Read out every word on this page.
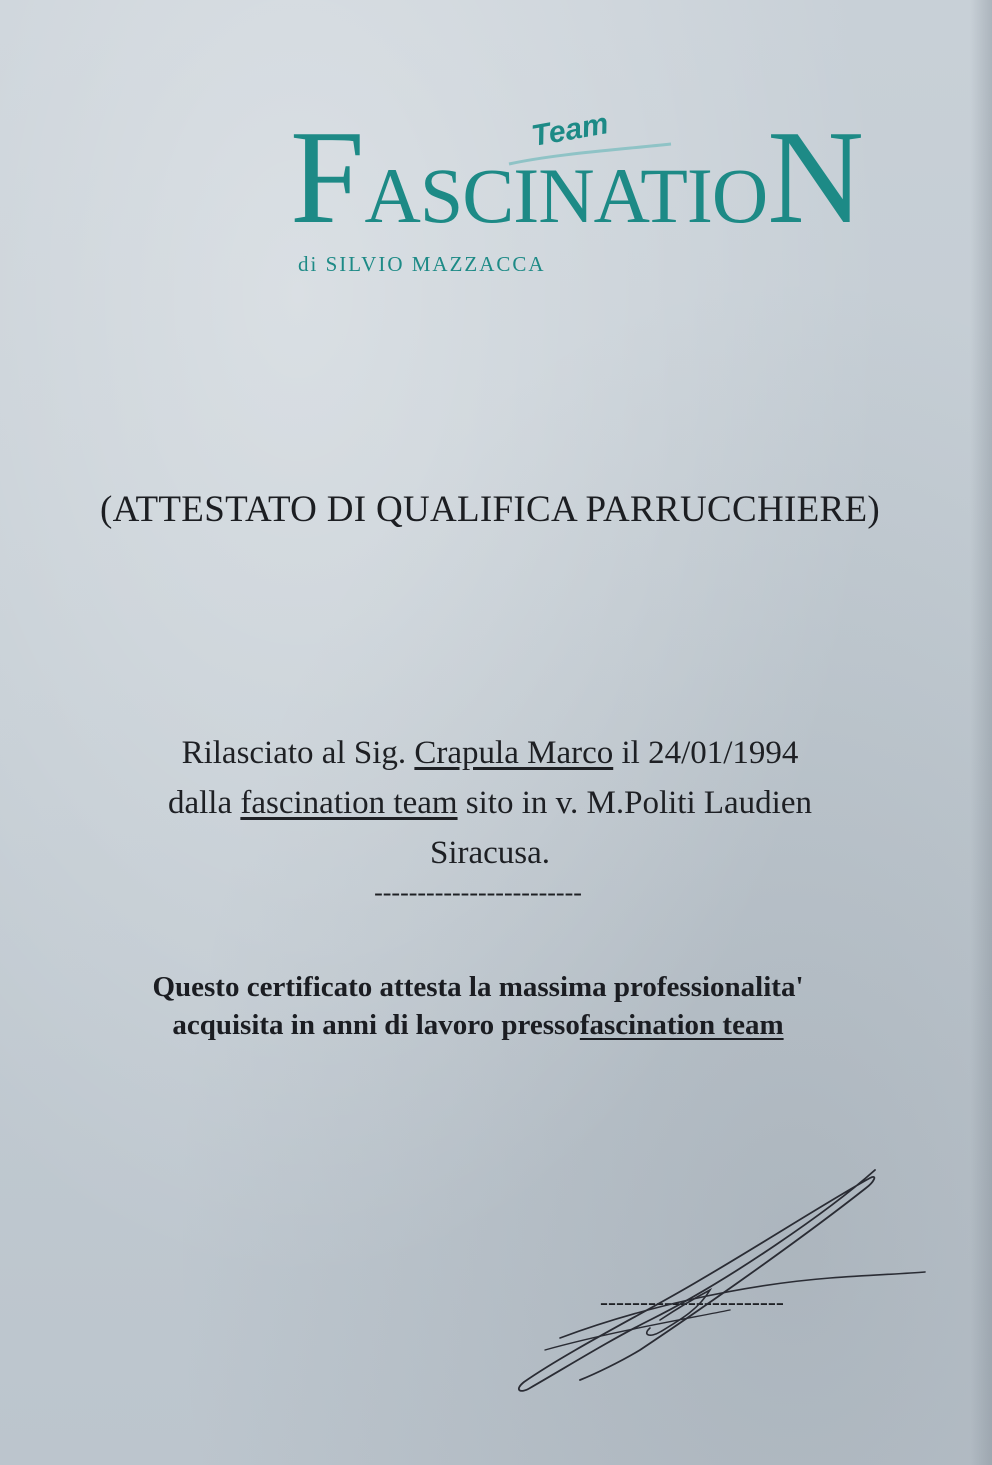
FASCINATION
Team
di SILVIO MAZZACCA
(ATTESTATO DI QUALIFICA PARRUCCHIERE)
Rilasciato al Sig. Crapula Marco il 24/01/1994
dalla fascination team sito in v. M.Politi Laudien
Siracusa.
------------------------
Questo certificato attesta la massima professionalita'
acquisita in anni di lavoro pressofascination team
-----------------------
